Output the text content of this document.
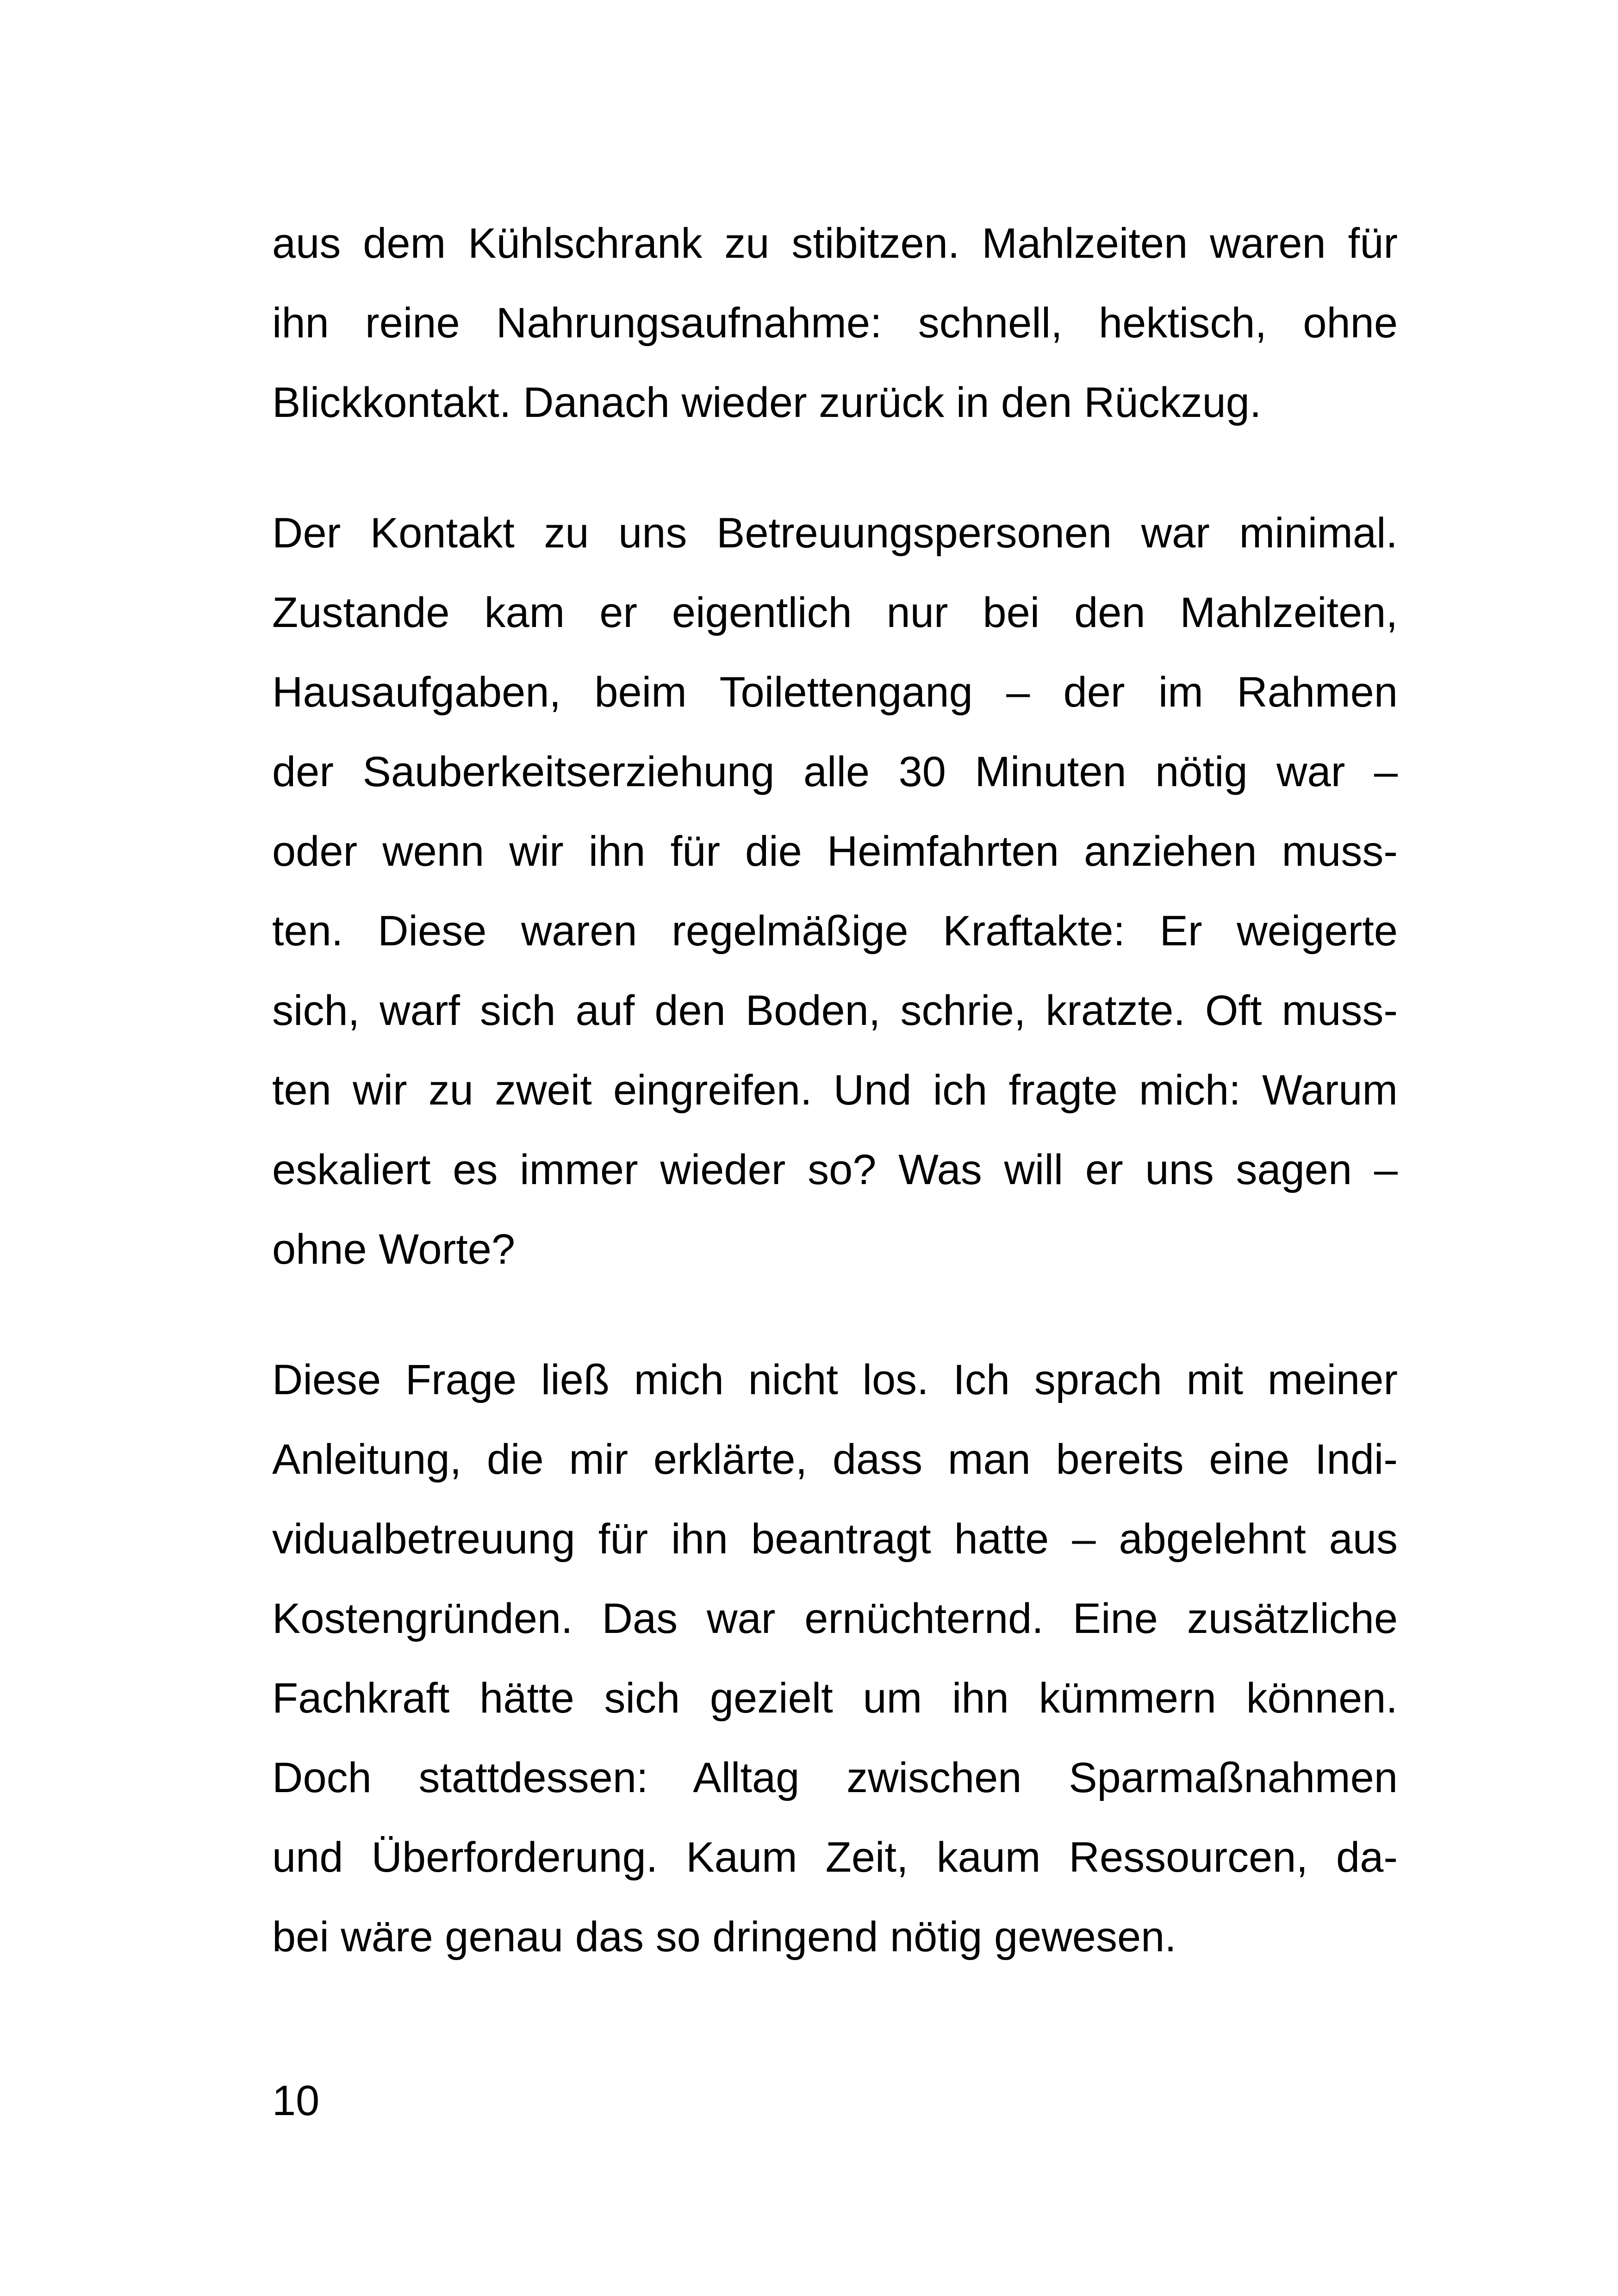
aus dem Kühlschrank zu stibitzen. Mahlzeiten waren für
ihn reine Nahrungsaufnahme: schnell, hektisch, ohne
Blickkontakt. Danach wieder zurück in den Rückzug.

Der Kontakt zu uns Betreuungspersonen war minimal.
Zustande kam er eigentlich nur bei den Mahlzeiten,
Hausaufgaben, beim Toilettengang – der im Rahmen
der Sauberkeitserziehung alle 30 Minuten nötig war –
oder wenn wir ihn für die Heimfahrten anziehen muss-
ten. Diese waren regelmäßige Kraftakte: Er weigerte
sich, warf sich auf den Boden, schrie, kratzte. Oft muss-
ten wir zu zweit eingreifen. Und ich fragte mich: Warum
eskaliert es immer wieder so? Was will er uns sagen –
ohne Worte?

Diese Frage ließ mich nicht los. Ich sprach mit meiner
Anleitung, die mir erklärte, dass man bereits eine Indi-
vidualbetreuung für ihn beantragt hatte – abgelehnt aus
Kostengründen. Das war ernüchternd. Eine zusätzliche
Fachkraft hätte sich gezielt um ihn kümmern können.
Doch stattdessen: Alltag zwischen Sparmaßnahmen
und Überforderung. Kaum Zeit, kaum Ressourcen, da-
bei wäre genau das so dringend nötig gewesen.

10
